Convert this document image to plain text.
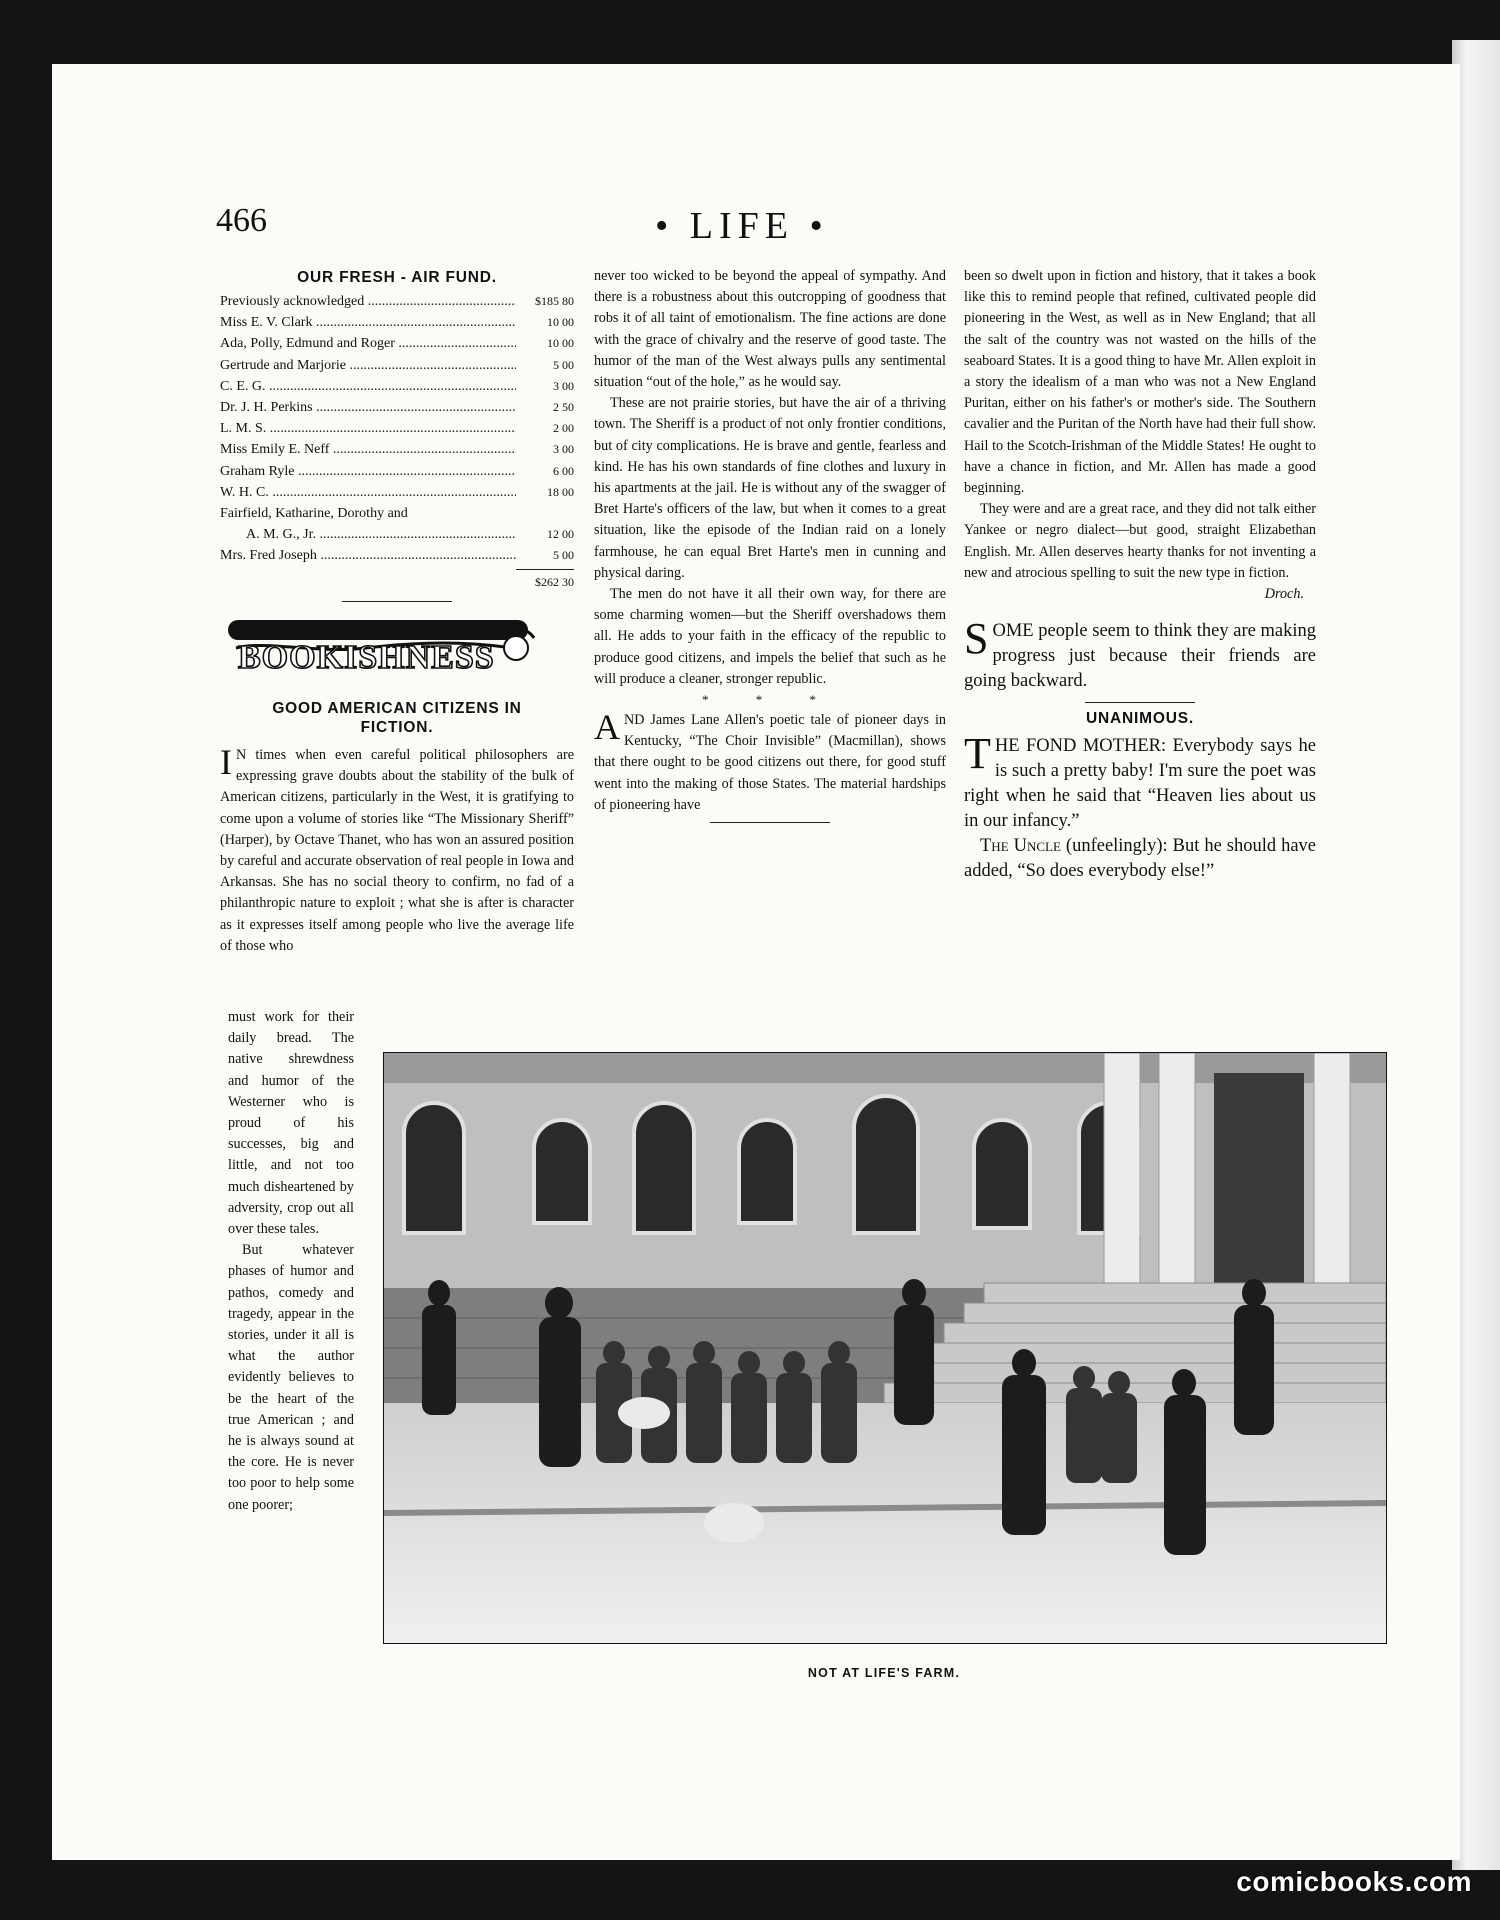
466	• LIFE •
OUR FRESH - AIR FUND.
Previously acknowledged .....	$185 80
Miss E. V. Clark .....	10 00
Ada, Polly, Edmund and Roger .....	10 00
Gertrude and Marjorie .....	5 00
C. E. G. .....	3 00
Dr. J. H. Perkins .....	2 50
L. M. S. .....	2 00
Miss Emily E. Neff .....	3 00
Graham Ryle .....	6 00
W. H. C. .....	18 00
Fairfield, Katharine, Dorothy and
A. M. G., Jr. .....	12 00
Mrs. Fred Joseph .....	5 00
$262 30
BOOKISHNESS
GOOD AMERICAN CITIZENS IN FICTION.

I N times when even careful political philosophers are expressing grave doubts about the stability of the bulk of American citizens, particularly in the West, it is gratifying to come upon a volume of stories like “The Missionary Sheriff” (Harper), by Octave Thanet, who has won an assured position by careful and accurate observation of real people in Iowa and Arkansas. She has no social theory to confirm, no fad of a philanthropic nature to exploit ; what she is after is character as it expresses itself among people who live the average life of those who

must work for their daily bread. The native shrewdness and humor of the Westerner who is proud of his successes, big and little, and not too much disheartened by adversity, crop out all over these tales.

But whatever phases of humor and pathos, comedy and tragedy, appear in the stories, under it all is what the author evidently believes to be the heart of the true American ; and he is always sound at the core. He is never too poor to help some one poorer;

never too wicked to be beyond the appeal of sympathy. And there is a robustness about this outcropping of goodness that robs it of all taint of emotionalism. The fine actions are done with the grace of chivalry and the reserve of good taste. The humor of the man of the West always pulls any sentimental situation “out of the hole,” as he would say.

These are not prairie stories, but have the air of a thriving town. The Sheriff is a product of not only frontier conditions, but of city complications. He is brave and gentle, fearless and kind. He has his own standards of fine clothes and luxury in his apartments at the jail. He is without any of the swagger of Bret Harte's officers of the law, but when it comes to a great situation, like the episode of the Indian raid on a lonely farmhouse, he can equal Bret Harte's men in cunning and physical daring.

The men do not have it all their own way, for there are some charming women—but the Sheriff overshadows them all. He adds to your faith in the efficacy of the republic to produce good citizens, and impels the belief that such as he will produce a cleaner, stronger republic.

* * *

AND James Lane Allen's poetic tale of pioneer days in Kentucky, “The Choir Invisible” (Macmillan), shows that there ought to be good citizens out there, for good stuff went into the making of those States. The material hardships of pioneering have

been so dwelt upon in fiction and history, that it takes a book like this to remind people that refined, cultivated people did pioneering in the West, as well as in New England; that all the salt of the country was not wasted on the hills of the seaboard States. It is a good thing to have Mr. Allen exploit in a story the idealism of a man who was not a New England Puritan, either on his father's or mother's side. The Southern cavalier and the Puritan of the North have had their full show. Hail to the Scotch-Irishman of the Middle States! He ought to have a chance in fiction, and Mr. Allen has made a good beginning.

They were and are a great race, and they did not talk either Yankee or negro dialect—but good, straight Elizabethan English. Mr. Allen deserves hearty thanks for not inventing a new and atrocious spelling to suit the new type in fiction.
Droch.

SOME people seem to think they are making progress just because their friends are going backward.

UNANIMOUS.

THE FOND MOTHER: Everybody says he is such a pretty baby! I'm sure the poet was right when he said that “Heaven lies about us in our infancy.”

The Uncle (unfeelingly): But he should have added, “So does everybody else!”

NOT AT LIFE'S FARM.
comicbooks.com
